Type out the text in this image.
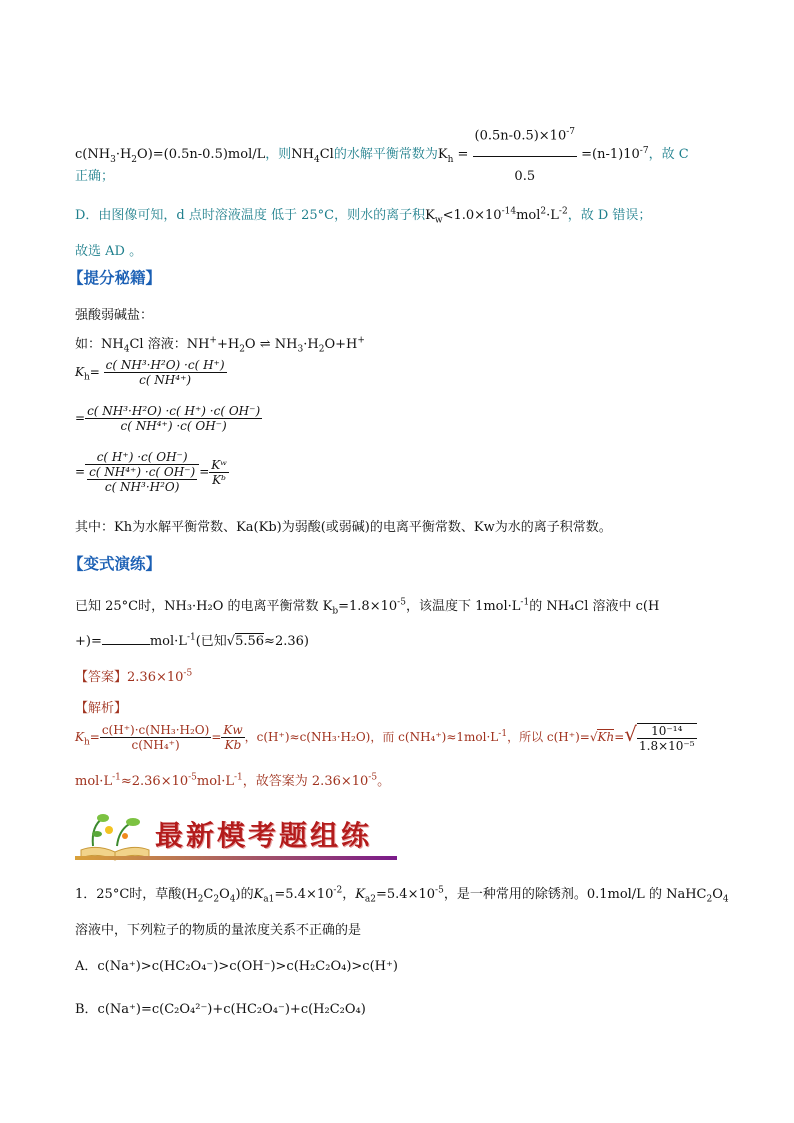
$c(NH_3\cdot H_2O)=(0.5n-0.5)mol/L$，则$NH_4Cl$的水解平衡常数为$K_h = \frac{(0.5n-0.5)\times 10^{-7}}{0.5} =(n-1)10^{-7}$，故 C
正确；
D．由图像可知，d 点时溶液温度 低于 25°C，则水的离子积$K_w<1.0\times 10^{-14}mol^2\cdot L^{-2}$，故 D 错误；
故选 AD 。
【提分秘籍】
强酸弱碱盐：
如：$NH_4Cl$ 溶液：$NH^++H_2O$ ⇌ $NH_3\cdot H_2O+H^+$
$K_h= \frac{\text{c( NH³·H²O) ·c( H⁺)}}{\text{c( NH⁴⁺)}}$
= $\frac{\text{c( NH³·H²O) ·c( H⁺) ·c( OH⁻)}}{\text{c( NH⁴⁺) ·c( OH⁻)}}$
= c( H⁺) ·c( OH⁻)
c( NH⁴⁺) ·c( OH⁻)
c( $NH^3\cdot H^2O) = \frac{\text{Kʷ}}{\text{Kᵇ}}$
其中：Kh为水解平衡常数、Ka(Kb)为弱酸(或弱碱)的电离平衡常数、Kw为水的离子积常数。
【变式演练】
已知 25°C时，NH₃·H₂O 的电离平衡常数 $K_b=1.8\times 10^{-5}$，该温度下 $1mol\cdot L^{-1}$的 NH₄Cl 溶液中 c(H
+)=	$mol\cdot L^{-1}$(已知√5.56≈2.36)
【答案】$2.36\times 10^{-5}$
【解析】
$K_h= \frac{\text{c(H⁺)·c(NH₃·H₂O)}}{\text{c(NH₄⁺)}} = \frac{Kw}{Kb}$ ，c(H⁺)≈c(NH₃·H₂O)，而 $c(NH_4^+)\approx 1mol\cdot L^{-1}$，所以 $c(H^+)=√Kh=√ \frac{\text{10⁻¹⁴}}{\text{1.8×10⁻⁵}}$
$mol\cdot L^{-1}\approx 2.36\times 10^{-5}mol\cdot L^{-1}$，故答案为 $2.36\times 10^{-5}$。
最新模考题组练
1．25°C时，草酸$(H_2C_2O_4)$的$K_{a1}=5.4\times 10^{-2}$，$K_{a2}=5.4\times 10^{-5}$，是一种常用的除锈剂。0.1mol/L 的 $NaHC_2O_4$
溶液中，下列粒子的物质的量浓度关系不正确的是
A．c(Na⁺)>c(HC₂O₄⁻)>c(OH⁻)>c(H₂C₂O₄)>c(H⁺)
B．c(Na⁺)=c(C₂O₄²⁻)+c(HC₂O₄⁻)+c(H₂C₂O₄)
